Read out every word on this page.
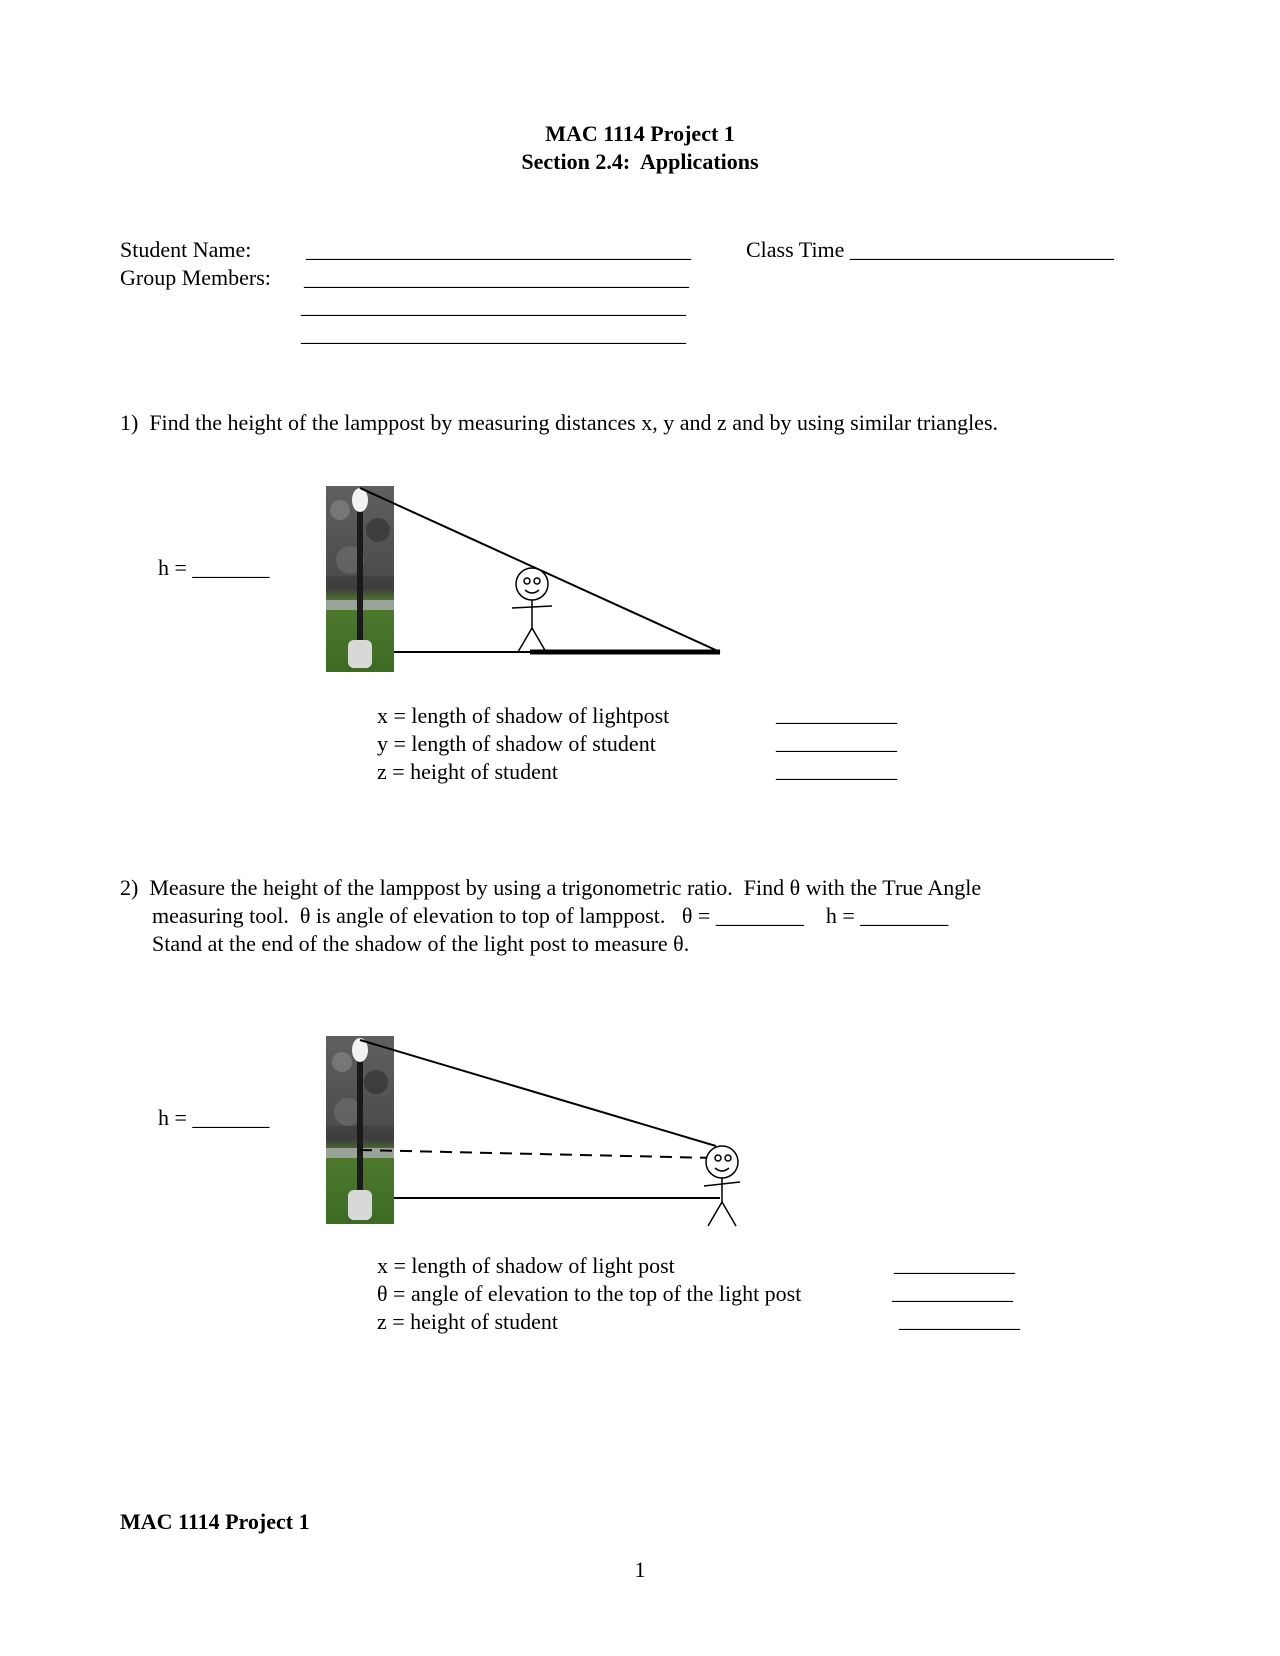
MAC 1114 Project 1
Section 2.4:  Applications
Student Name: ___________________________________	Class Time ________________________
Group Members: ___________________________________
___________________________________
___________________________________
1)  Find the height of the lamppost by measuring distances x, y and z and by using similar triangles.
h = _______
x = length of shadow of lightpost	___________
y = length of shadow of student	___________
z = height of student	___________
2)  Measure the height of the lamppost by using a trigonometric ratio.  Find θ with the True Angle
measuring tool.  θ is angle of elevation to top of lamppost.   θ = ________    h = ________
Stand at the end of the shadow of the light post to measure θ.
h = _______
x = length of shadow of light post	___________
θ = angle of elevation to the top of the light post	___________
z = height of student	___________
MAC 1114 Project 1
1
